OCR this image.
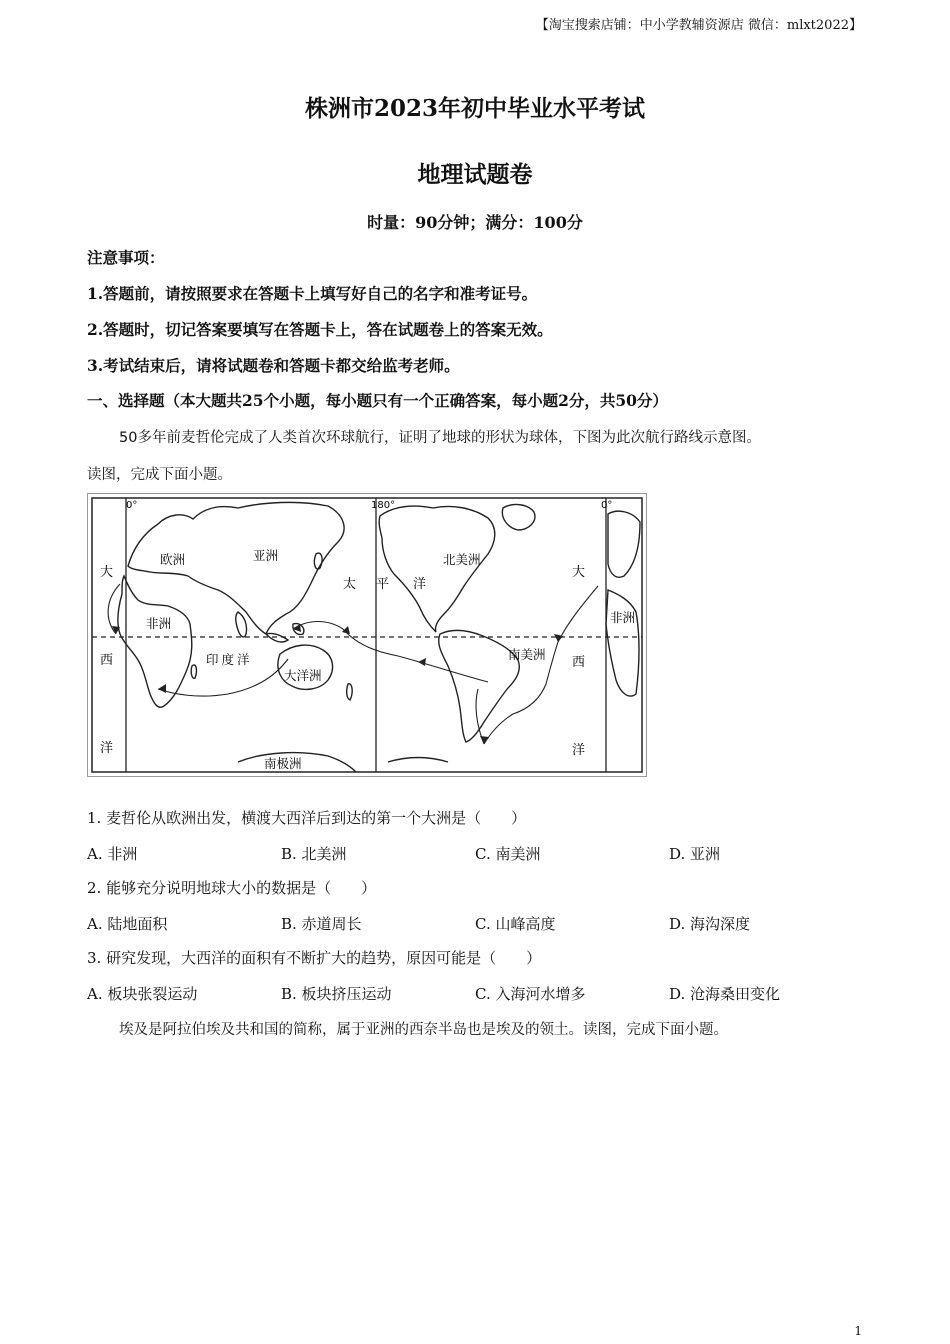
【淘宝搜索店铺：中小学教辅资源店 微信：mlxt2022】
株洲市2023年初中毕业水平考试
地理试题卷
时量：90分钟；满分：100分
注意事项：
1.答题前，请按照要求在答题卡上填写好自己的名字和准考证号。
2.答题时，切记答案要填写在答题卡上，答在试题卷上的答案无效。
3.考试结束后，请将试题卷和答题卡都交给监考老师。
一、选择题（本大题共25个小题，每小题只有一个正确答案，每小题2分，共50分）
50多年前麦哲伦完成了人类首次环球航行，证明了地球的形状为球体，下图为此次航行路线示意图。
读图，完成下面小题。
0°	180°	0°
欧洲	亚洲	北美洲
非洲
南美洲
印度洋
大洋洲
南极洲
太 平 洋
大
西
洋
大
西
洋
非洲
1. 麦哲伦从欧洲出发，横渡大西洋后到达的第一个大洲是（　　）
A. 非洲	B. 北美洲	C. 南美洲	D. 亚洲
2. 能够充分说明地球大小的数据是（　　）
A. 陆地面积	B. 赤道周长	C. 山峰高度	D. 海沟深度
3. 研究发现，大西洋的面积有不断扩大的趋势，原因可能是（　　）
A. 板块张裂运动	B. 板块挤压运动	C. 入海河水增多	D. 沧海桑田变化
埃及是阿拉伯埃及共和国的简称，属于亚洲的西奈半岛也是埃及的领土。读图，完成下面小题。
1
